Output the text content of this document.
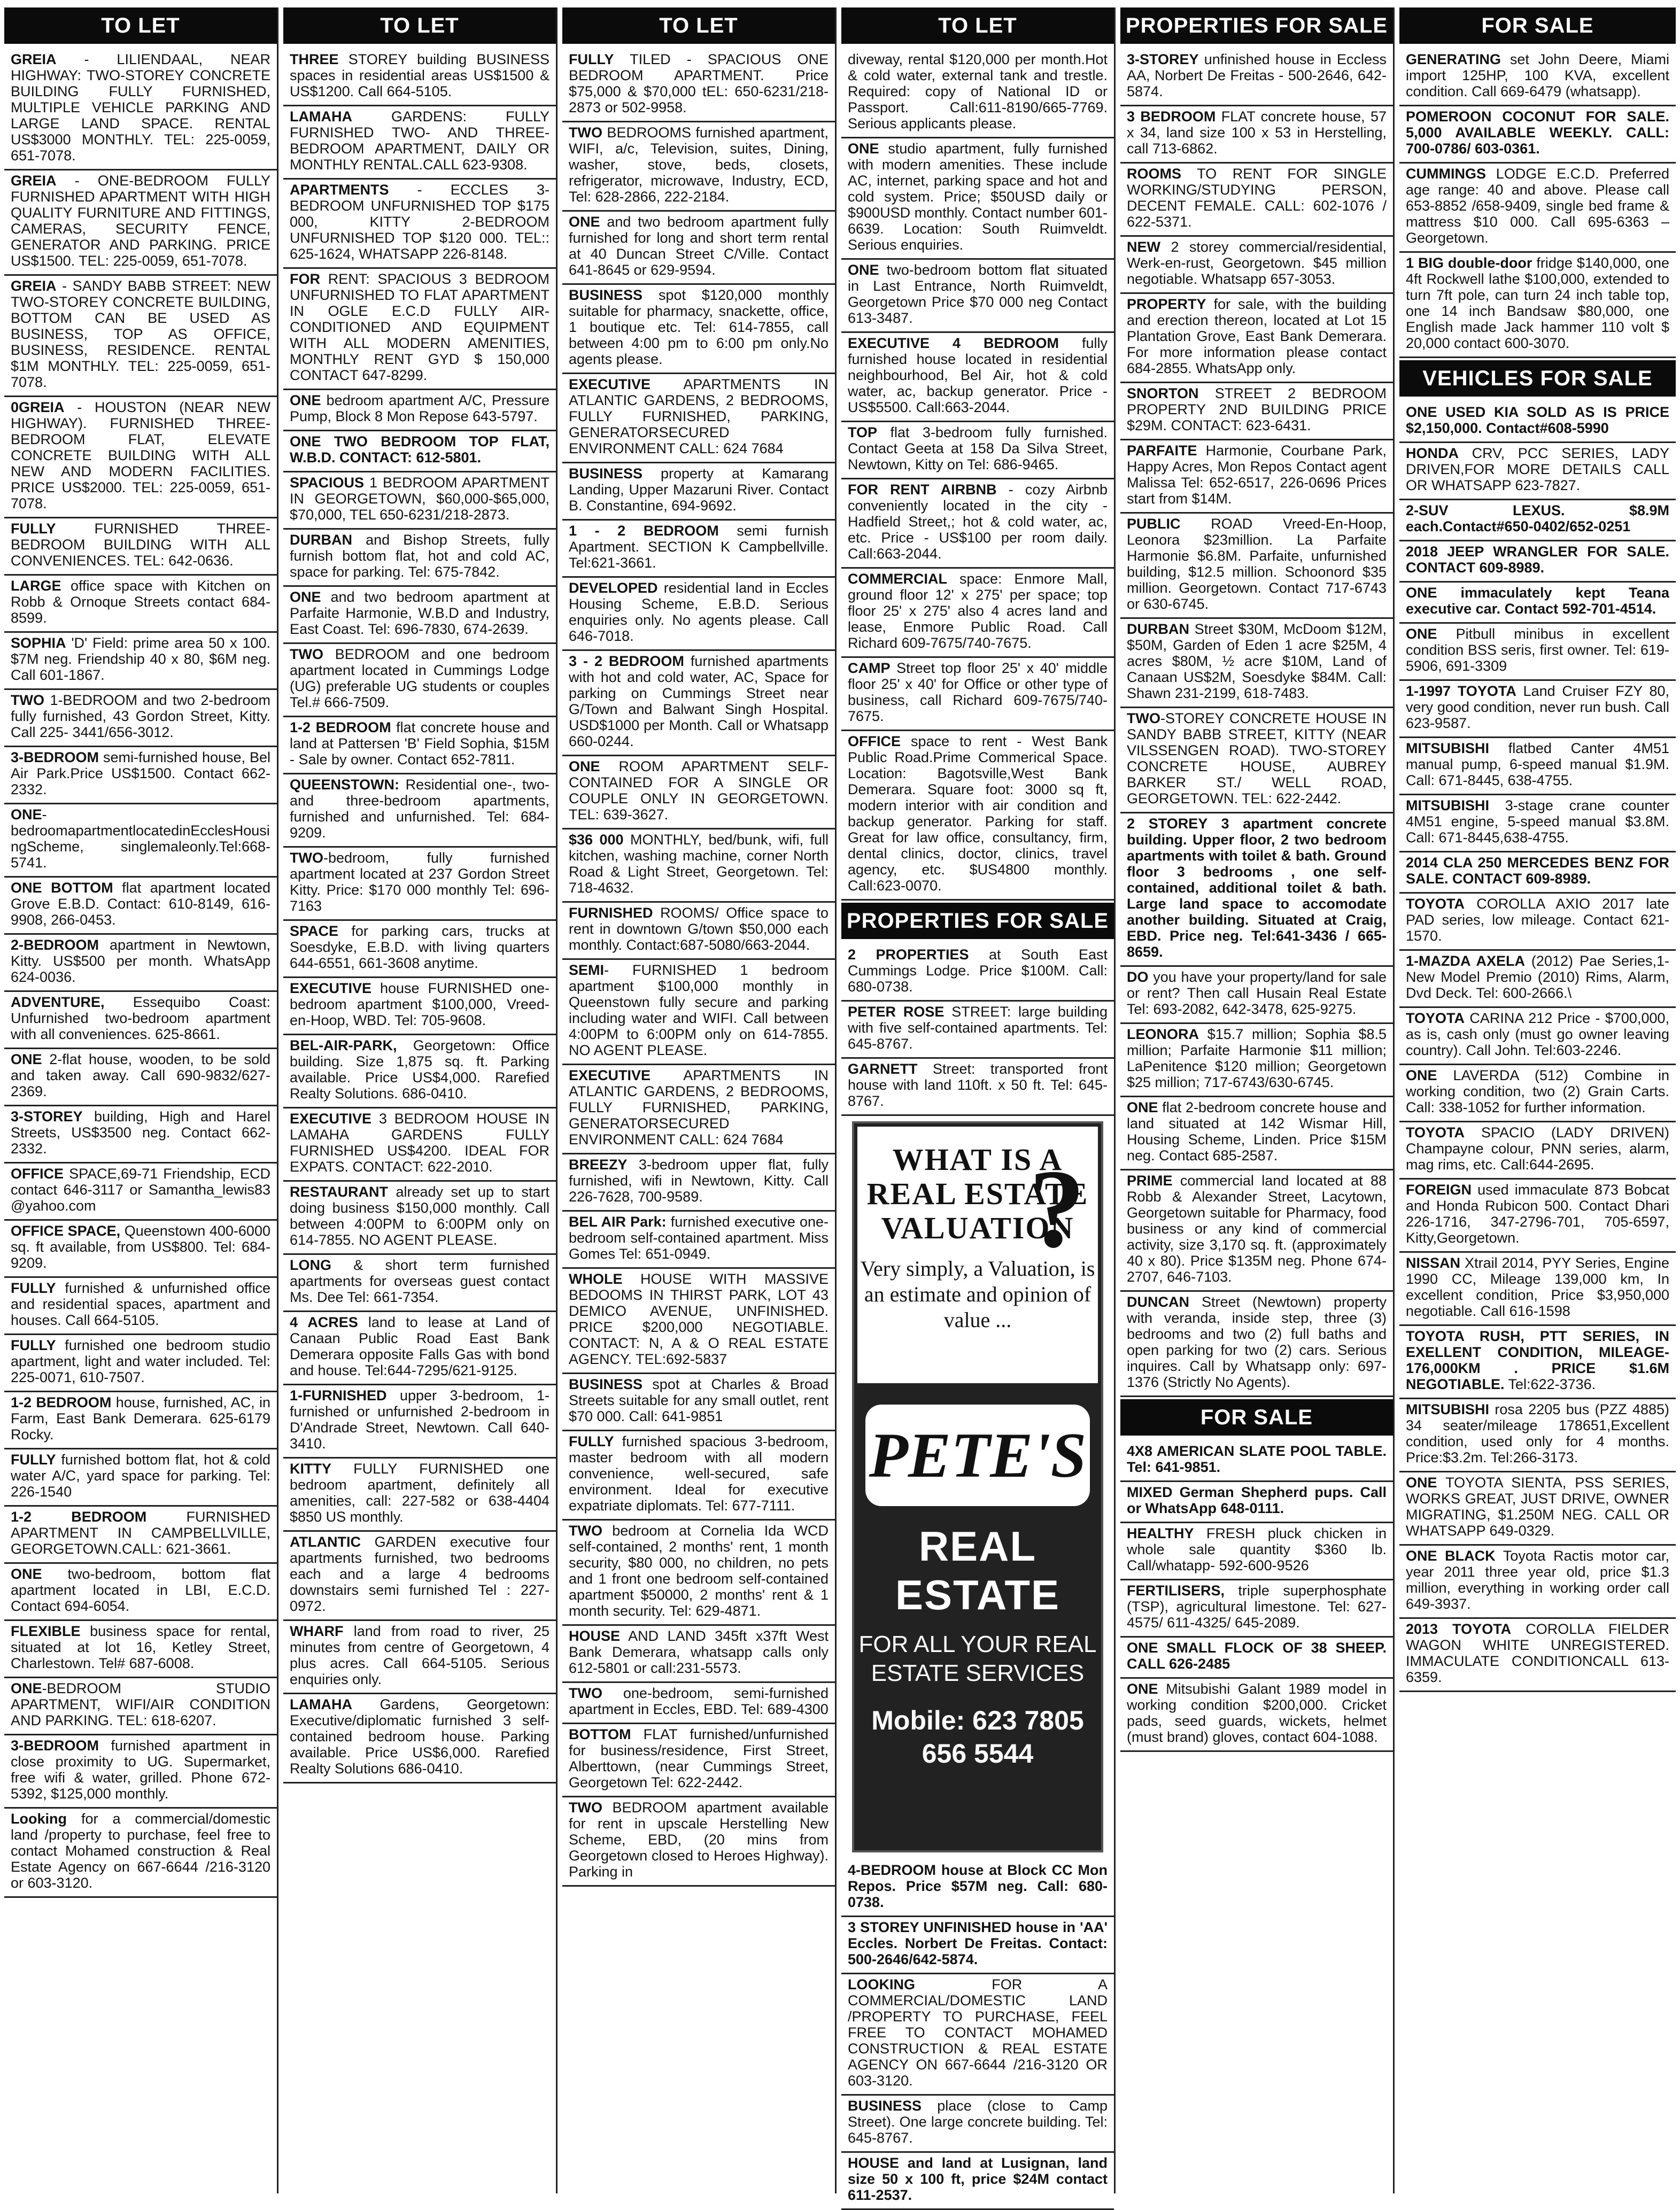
TO LET
GREIA - LILIENDAAL, NEAR HIGHWAY: TWO-STOREY CONCRETE BUILDING FULLY FURNISHED, MULTIPLE VEHICLE PARKING AND LARGE LAND SPACE. RENTAL US$3000 MONTHLY. TEL: 225-0059, 651-7078.
GREIA - ONE-BEDROOM FULLY FURNISHED APARTMENT WITH HIGH QUALITY FURNITURE AND FITTINGS, CAMERAS, SECURITY FENCE, GENERATOR AND PARKING. PRICE US$1500. TEL: 225-0059, 651-7078.
GREIA - SANDY BABB STREET: NEW TWO-STOREY CONCRETE BUILDING, BOTTOM CAN BE USED AS BUSINESS, TOP AS OFFICE, BUSINESS, RESIDENCE. RENTAL $1M MONTHLY. TEL: 225-0059, 651-7078.
0GREIA - HOUSTON (NEAR NEW HIGHWAY). FURNISHED THREE-BEDROOM FLAT, ELEVATE CONCRETE BUILDING WITH ALL NEW AND MODERN FACILITIES. PRICE US$2000. TEL: 225-0059, 651-7078.
FULLY FURNISHED THREE-BEDROOM BUILDING WITH ALL CONVENIENCES. TEL: 642-0636.
LARGE office space with Kitchen on Robb & Ornoque Streets contact 684-8599.
SOPHIA 'D' Field: prime area 50 x 100. $7M neg. Friendship 40 x 80, $6M neg. Call 601-1867.
TWO 1-BEDROOM and two 2-bedroom fully furnished, 43 Gordon Street, Kitty. Call 225- 3441/656-3012.
3-BEDROOM semi-furnished house, Bel Air Park.Price US$1500. Contact 662-2332.
ONE-bedroomapartmentlocatedinEcclesHousingScheme, singlemaleonly.Tel:668-5741.
ONE BOTTOM flat apartment located Grove E.B.D. Contact: 610-8149, 616-9908, 266-0453.
2-BEDROOM apartment in Newtown, Kitty. US$500 per month. WhatsApp 624-0036.
ADVENTURE, Essequibo Coast: Unfurnished two-bedroom apartment with all conveniences. 625-8661.
ONE 2-flat house, wooden, to be sold and taken away. Call 690-9832/627-2369.
3-STOREY building, High and Harel Streets, US$3500 neg. Contact 662-2332.
OFFICE SPACE,69-71 Friendship, ECD contact 646-3117 or Samantha_lewis83 @yahoo.com
OFFICE SPACE, Queenstown 400-6000 sq. ft available, from US$800. Tel: 684-9209.
FULLY furnished & unfurnished office and residential spaces, apartment and houses. Call 664-5105.
FULLY furnished one bedroom studio apartment, light and water included. Tel: 225-0071, 610-7507.
1-2 BEDROOM house, furnished, AC, in Farm, East Bank Demerara. 625-6179 Rocky.
FULLY furnished bottom flat, hot & cold water A/C, yard space for parking. Tel: 226-1540
1-2 BEDROOM FURNISHED APARTMENT IN CAMPBELLVILLE, GEORGETOWN.CALL: 621-3661.
ONE two-bedroom, bottom flat apartment located in LBI, E.C.D. Contact 694-6054.
FLEXIBLE business space for rental, situated at lot 16, Ketley Street, Charlestown. Tel# 687-6008.
ONE-BEDROOM STUDIO APARTMENT, WIFI/AIR CONDITION AND PARKING. TEL: 618-6207.
3-BEDROOM furnished apartment in close proximity to UG. Supermarket, free wifi & water, grilled. Phone 672-5392, $125,000 monthly.
Looking for a commercial/domestic land /property to purchase, feel free to contact Mohamed construction & Real Estate Agency on 667-6644 /216-3120 or 603-3120.
TO LET
THREE STOREY building BUSINESS spaces in residential areas US$1500 & US$1200. Call 664-5105.
LAMAHA GARDENS: FULLY FURNISHED TWO- AND THREE-BEDROOM APARTMENT, DAILY OR MONTHLY RENTAL.CALL 623-9308.
APARTMENTS - ECCLES 3-BEDROOM UNFURNISHED TOP $175 000, KITTY 2-BEDROOM UNFURNISHED TOP $120 000. TEL:: 625-1624, WHATSAPP 226-8148.
FOR RENT: SPACIOUS 3 BEDROOM UNFURNISHED TO FLAT APARTMENT IN OGLE E.C.D FULLY AIR-CONDITIONED AND EQUIPMENT WITH ALL MODERN AMENITIES, MONTHLY RENT GYD $ 150,000 CONTACT 647-8299.
ONE bedroom apartment A/C, Pressure Pump, Block 8 Mon Repose 643-5797.
ONE TWO BEDROOM TOP FLAT, W.B.D. CONTACT: 612-5801.
SPACIOUS 1 BEDROOM APARTMENT IN GEORGETOWN, $60,000-$65,000, $70,000, TEL 650-6231/218-2873.
DURBAN and Bishop Streets, fully furnish bottom flat, hot and cold AC, space for parking. Tel: 675-7842.
ONE and two bedroom apartment at Parfaite Harmonie, W.B.D and Industry, East Coast. Tel: 696-7830, 674-2639.
TWO BEDROOM and one bedroom apartment located in Cummings Lodge (UG) preferable UG students or couples Tel.# 666-7509.
1-2 BEDROOM flat concrete house and land at Pattersen 'B' Field Sophia, $15M - Sale by owner. Contact 652-7811.
QUEENSTOWN: Residential one-, two- and three-bedroom apartments, furnished and unfurnished. Tel: 684-9209.
TWO-bedroom, fully furnished apartment located at 237 Gordon Street Kitty. Price: $170 000 monthly Tel: 696-7163
SPACE for parking cars, trucks at Soesdyke, E.B.D. with living quarters 644-6551, 661-3608 anytime.
EXECUTIVE house FURNISHED one-bedroom apartment $100,000, Vreed-en-Hoop, WBD. Tel: 705-9608.
BEL-AIR-PARK, Georgetown: Office building. Size 1,875 sq. ft. Parking available. Price US$4,000. Rarefied Realty Solutions. 686-0410.
EXECUTIVE 3 BEDROOM HOUSE IN LAMAHA GARDENS FULLY FURNISHED US$4200. IDEAL FOR EXPATS. CONTACT: 622-2010.
RESTAURANT already set up to start doing business $150,000 monthly. Call between 4:00PM to 6:00PM only on 614-7855. NO AGENT PLEASE.
LONG & short term furnished apartments for overseas guest contact Ms. Dee Tel: 661-7354.
4 ACRES land to lease at Land of Canaan Public Road East Bank Demerara opposite Falls Gas with bond and house. Tel:644-7295/621-9125.
1-FURNISHED upper 3-bedroom, 1-furnished or unfurnished 2-bedroom in D'Andrade Street, Newtown. Call 640-3410.
KITTY FULLY FURNISHED one bedroom apartment, definitely all amenities, call: 227-582 or 638-4404 $850 US monthly.
ATLANTIC GARDEN executive four apartments furnished, two bedrooms each and a large 4 bedrooms downstairs semi furnished Tel : 227-0972.
WHARF land from road to river, 25 minutes from centre of Georgetown, 4 plus acres. Call 664-5105. Serious enquiries only.
LAMAHA Gardens, Georgetown: Executive/diplomatic furnished 3 self-contained bedroom house. Parking available. Price US$6,000. Rarefied Realty Solutions 686-0410.
TO LET
FULLY TILED - SPACIOUS ONE BEDROOM APARTMENT. Price $75,000 & $70,000 tEL: 650-6231/218-2873 or 502-9958.
TWO BEDROOMS furnished apartment, WIFI, a/c, Television, suites, Dining, washer, stove, beds, closets, refrigerator, microwave, Industry, ECD, Tel: 628-2866, 222-2184.
ONE and two bedroom apartment fully furnished for long and short term rental at 40 Duncan Street C/Ville. Contact 641-8645 or 629-9594.
BUSINESS spot $120,000 monthly suitable for pharmacy, snackette, office, 1 boutique etc. Tel: 614-7855, call between 4:00 pm to 6:00 pm only.No agents please.
EXECUTIVE APARTMENTS IN ATLANTIC GARDENS, 2 BEDROOMS, FULLY FURNISHED, PARKING, GENERATORSECURED ENVIRONMENT CALL: 624 7684
BUSINESS property at Kamarang Landing, Upper Mazaruni River. Contact B. Constantine, 694-9692.
1 - 2 BEDROOM semi furnish Apartment. SECTION K Campbellville. Tel:621-3661.
DEVELOPED residential land in Eccles Housing Scheme, E.B.D. Serious enquiries only. No agents please. Call 646-7018.
3 - 2 BEDROOM furnished apartments with hot and cold water, AC, Space for parking on Cummings Street near G/Town and Balwant Singh Hospital. USD$1000 per Month. Call or Whatsapp 660-0244.
ONE ROOM APARTMENT SELF-CONTAINED FOR A SINGLE OR COUPLE ONLY IN GEORGETOWN. TEL: 639-3627.
$36 000 MONTHLY, bed/bunk, wifi, full kitchen, washing machine, corner North Road & Light Street, Georgetown. Tel: 718-4632.
FURNISHED ROOMS/ Office space to rent in downtown G/town $50,000 each monthly. Contact:687-5080/663-2044.
SEMI- FURNISHED 1 bedroom apartment $100,000 monthly in Queenstown fully secure and parking including water and WIFI. Call between 4:00PM to 6:00PM only on 614-7855. NO AGENT PLEASE.
EXECUTIVE APARTMENTS IN ATLANTIC GARDENS, 2 BEDROOMS, FULLY FURNISHED, PARKING, GENERATORSECURED ENVIRONMENT CALL: 624 7684
BREEZY 3-bedroom upper flat, fully furnished, wifi in Newtown, Kitty. Call 226-7628, 700-9589.
BEL AIR Park: furnished executive one-bedroom self-contained apartment. Miss Gomes Tel: 651-0949.
WHOLE HOUSE WITH MASSIVE BEDOOMS IN THIRST PARK, LOT 43 DEMICO AVENUE, UNFINISHED. PRICE $200,000 NEGOTIABLE. CONTACT: N, A & O REAL ESTATE AGENCY. TEL:692-5837
BUSINESS spot at Charles & Broad Streets suitable for any small outlet, rent $70 000. Call: 641-9851
FULLY furnished spacious 3-bedroom, master bedroom with all modern convenience, well-secured, safe environment. Ideal for executive expatriate diplomats. Tel: 677-7111.
TWO bedroom at Cornelia Ida WCD self-contained, 2 months' rent, 1 month security, $80 000, no children, no pets and 1 front one bedroom self-contained apartment $50000, 2 months' rent & 1 month security. Tel: 629-4871.
HOUSE AND LAND 345ft x37ft West Bank Demerara, whatsapp calls only 612-5801 or call:231-5573.
TWO one-bedroom, semi-furnished apartment in Eccles, EBD. Tel: 689-4300
BOTTOM FLAT furnished/unfurnished for business/residence, First Street, Alberttown, (near Cummings Street, Georgetown Tel: 622-2442.
TWO BEDROOM apartment available for rent in upscale Herstelling New Scheme, EBD, (20 mins from Georgetown closed to Heroes Highway). Parking in
TO LET
diveway, rental $120,000 per month.Hot & cold water, external tank and trestle. Required: copy of National ID or Passport. Call:611-8190/665-7769. Serious applicants please.
ONE studio apartment, fully furnished with modern amenities. These include AC, internet, parking space and hot and cold system. Price; $50USD daily or $900USD monthly. Contact number 601-6639. Location: South Ruimveldt. Serious enquiries.
ONE two-bedroom bottom flat situated in Last Entrance, North Ruimveldt, Georgetown Price $70 000 neg Contact 613-3487.
EXECUTIVE 4 BEDROOM fully furnished house located in residential neighbourhood, Bel Air, hot & cold water, ac, backup generator. Price - US$5500. Call:663-2044.
TOP flat 3-bedroom fully furnished. Contact Geeta at 158 Da Silva Street, Newtown, Kitty on Tel: 686-9465.
FOR RENT AIRBNB - cozy Airbnb conveniently located in the city - Hadfield Street,; hot & cold water, ac, etc. Price - US$100 per room daily. Call:663-2044.
COMMERCIAL space: Enmore Mall, ground floor 12' x 275' per space; top floor 25' x 275' also 4 acres land and lease, Enmore Public Road. Call Richard 609-7675/740-7675.
CAMP Street top floor 25' x 40' middle floor 25' x 40' for Office or other type of business, call Richard 609-7675/740-7675.
OFFICE space to rent - West Bank Public Road.Prime Commerical Space. Location: Bagotsville,West Bank Demerara. Square foot: 3000 sq ft, modern interior with air condition and backup generator. Parking for staff. Great for law office, consultancy, firm, dental clinics, doctor, clinics, travel agency, etc. $US4800 monthly. Call:623-0070.
PROPERTIES FOR SALE
2 PROPERTIES at South East Cummings Lodge. Price $100M. Call: 680-0738.
PETER ROSE STREET: large building with five self-contained apartments. Tel: 645-8767.
GARNETT Street: transported front house with land 110ft. x 50 ft. Tel: 645-8767.
WHAT IS A REAL ESTATE VALUATION
?
Very simply, a Valuation, is an estimate and opinion of value ...
PETE'S
REAL ESTATE
FOR ALL YOUR REAL ESTATE SERVICES
Mobile: 623 7805 656 5544
4-BEDROOM house at Block CC Mon Repos. Price $57M neg. Call: 680-0738.
3 STOREY UNFINISHED house in 'AA' Eccles. Norbert De Freitas. Contact: 500-2646/642-5874.
LOOKING FOR A COMMERCIAL/DOMESTIC LAND /PROPERTY TO PURCHASE, FEEL FREE TO CONTACT MOHAMED CONSTRUCTION & REAL ESTATE AGENCY ON 667-6644 /216-3120 OR 603-3120.
BUSINESS place (close to Camp Street). One large concrete building. Tel: 645-8767.
HOUSE and land at Lusignan, land size 50 x 100 ft, price $24M contact 611-2537.
PROPERTIES FOR SALE
3-STOREY unfinished house in Eccless AA, Norbert De Freitas - 500-2646, 642-5874.
3 BEDROOM FLAT concrete house, 57 x 34, land size 100 x 53 in Herstelling, call 713-6862.
ROOMS TO RENT FOR SINGLE WORKING/STUDYING PERSON, DECENT FEMALE. CALL: 602-1076 / 622-5371.
NEW 2 storey commercial/residential, Werk-en-rust, Georgetown. $45 million negotiable. Whatsapp 657-3053.
PROPERTY for sale, with the building and erection thereon, located at Lot 15 Plantation Grove, East Bank Demerara. For more information please contact 684-2855. WhatsApp only.
SNORTON STREET 2 BEDROOM PROPERTY 2ND BUILDING PRICE $29M. CONTACT: 623-6431.
PARFAITE Harmonie, Courbane Park, Happy Acres, Mon Repos Contact agent Malissa Tel: 652-6517, 226-0696 Prices start from $14M.
PUBLIC ROAD Vreed-En-Hoop, Leonora $23million. La Parfaite Harmonie $6.8M. Parfaite, unfurnished building, $12.5 million. Schoonord $35 million. Georgetown. Contact 717-6743 or 630-6745.
DURBAN Street $30M, McDoom $12M, $50M, Garden of Eden 1 acre $25M, 4 acres $80M, ½ acre $10M, Land of Canaan US$2M, Soesdyke $84M. Call: Shawn 231-2199, 618-7483.
TWO-STOREY CONCRETE HOUSE IN SANDY BABB STREET, KITTY (NEAR VILSSENGEN ROAD). TWO-STOREY CONCRETE HOUSE, AUBREY BARKER ST./ WELL ROAD, GEORGETOWN. TEL: 622-2442.
2 STOREY 3 apartment concrete building. Upper floor, 2 two bedroom apartments with toilet & bath. Ground floor 3 bedrooms , one self-contained, additional toilet & bath. Large land space to accomodate another building. Situated at Craig, EBD. Price neg. Tel:641-3436 / 665-8659.
DO you have your property/land for sale or rent? Then call Husain Real Estate Tel: 693-2082, 642-3478, 625-9275.
LEONORA $15.7 million; Sophia $8.5 million; Parfaite Harmonie $11 million; LaPenitence $120 million; Georgetown $25 million; 717-6743/630-6745.
ONE flat 2-bedroom concrete house and land situated at 142 Wismar Hill, Housing Scheme, Linden. Price $15M neg. Contact 685-2587.
PRIME commercial land located at 88 Robb & Alexander Street, Lacytown, Georgetown suitable for Pharmacy, food business or any kind of commercial activity, size 3,170 sq. ft. (approximately 40 x 80). Price $135M neg. Phone 674-2707, 646-7103.
DUNCAN Street (Newtown) property with veranda, inside step, three (3) bedrooms and two (2) full baths and open parking for two (2) cars. Serious inquires. Call by Whatsapp only: 697-1376 (Strictly No Agents).
FOR SALE
4X8 AMERICAN SLATE POOL TABLE. Tel: 641-9851.
MIXED German Shepherd pups. Call or WhatsApp 648-0111.
HEALTHY FRESH pluck chicken in whole sale quantity $360 lb. Call/whatapp- 592-600-9526
FERTILISERS, triple superphosphate (TSP), agricultural limestone. Tel: 627-4575/ 611-4325/ 645-2089.
ONE SMALL FLOCK OF 38 SHEEP. CALL 626-2485
ONE Mitsubishi Galant 1989 model in working condition $200,000. Cricket pads, seed guards, wickets, helmet (must brand) gloves, contact 604-1088.
FOR SALE
GENERATING set John Deere, Miami import 125HP, 100 KVA, excellent condition. Call 669-6479 (whatsapp).
POMEROON COCONUT FOR SALE. 5,000 AVAILABLE WEEKLY. CALL: 700-0786/ 603-0361.
CUMMINGS LODGE E.C.D. Preferred age range: 40 and above. Please call 653-8852 /658-9409, single bed frame & mattress $10 000. Call 695-6363 – Georgetown.
1 BIG double-door fridge $140,000, one 4ft Rockwell lathe $100,000, extended to turn 7ft pole, can turn 24 inch table top, one 14 inch Bandsaw $80,000, one English made Jack hammer 110 volt $ 20,000 contact 600-3070.
VEHICLES FOR SALE
ONE USED KIA SOLD AS IS PRICE $2,150,000. Contact#608-5990
HONDA CRV, PCC SERIES, LADY DRIVEN,FOR MORE DETAILS CALL OR WHATSAPP 623-7827.
2-SUV LEXUS. $8.9M each.Contact#650-0402/652-0251
2018 JEEP WRANGLER FOR SALE. CONTACT 609-8989.
ONE immaculately kept Teana executive car. Contact 592-701-4514.
ONE Pitbull minibus in excellent condition BSS seris, first owner. Tel: 619-5906, 691-3309
1-1997 TOYOTA Land Cruiser FZY 80, very good condition, never run bush. Call 623-9587.
MITSUBISHI flatbed Canter 4M51 manual pump, 6-speed manual $1.9M. Call: 671-8445, 638-4755.
MITSUBISHI 3-stage crane counter 4M51 engine, 5-speed manual $3.8M. Call: 671-8445,638-4755.
2014 CLA 250 MERCEDES BENZ FOR SALE. CONTACT 609-8989.
TOYOTA COROLLA AXIO 2017 late PAD series, low mileage. Contact 621-1570.
1-MAZDA AXELA (2012) Pae Series,1- New Model Premio (2010) Rims, Alarm, Dvd Deck. Tel: 600-2666.\
TOYOTA CARINA 212 Price - $700,000, as is, cash only (must go owner leaving country). Call John. Tel:603-2246.
ONE LAVERDA (512) Combine in working condition, two (2) Grain Carts. Call: 338-1052 for further information.
TOYOTA SPACIO (LADY DRIVEN) Champayne colour, PNN series, alarm, mag rims, etc. Call:644-2695.
FOREIGN used immaculate 873 Bobcat and Honda Rubicon 500. Contact Dhari 226-1716, 347-2796-701, 705-6597, Kitty,Georgetown.
NISSAN Xtrail 2014, PYY Series, Engine 1990 CC, Mileage 139,000 km, In excellent condition, Price $3,950,000 negotiable. Call 616-1598
TOYOTA RUSH, PTT SERIES, IN EXELLENT CONDITION, MILEAGE-176,000KM . PRICE $1.6M NEGOTIABLE. Tel:622-3736.
MITSUBISHI rosa 2205 bus (PZZ 4885) 34 seater/mileage 178651,Excellent condition, used only for 4 months. Price:$3.2m. Tel:266-3173.
ONE TOYOTA SIENTA, PSS SERIES, WORKS GREAT, JUST DRIVE, OWNER MIGRATING, $1.250M NEG. CALL OR WHATSAPP 649-0329.
ONE BLACK Toyota Ractis motor car, year 2011 three year old, price $1.3 million, everything in working order call 649-3937.
2013 TOYOTA COROLLA FIELDER WAGON WHITE UNREGISTERED. IMMACULATE CONDITIONCALL 613-6359.
